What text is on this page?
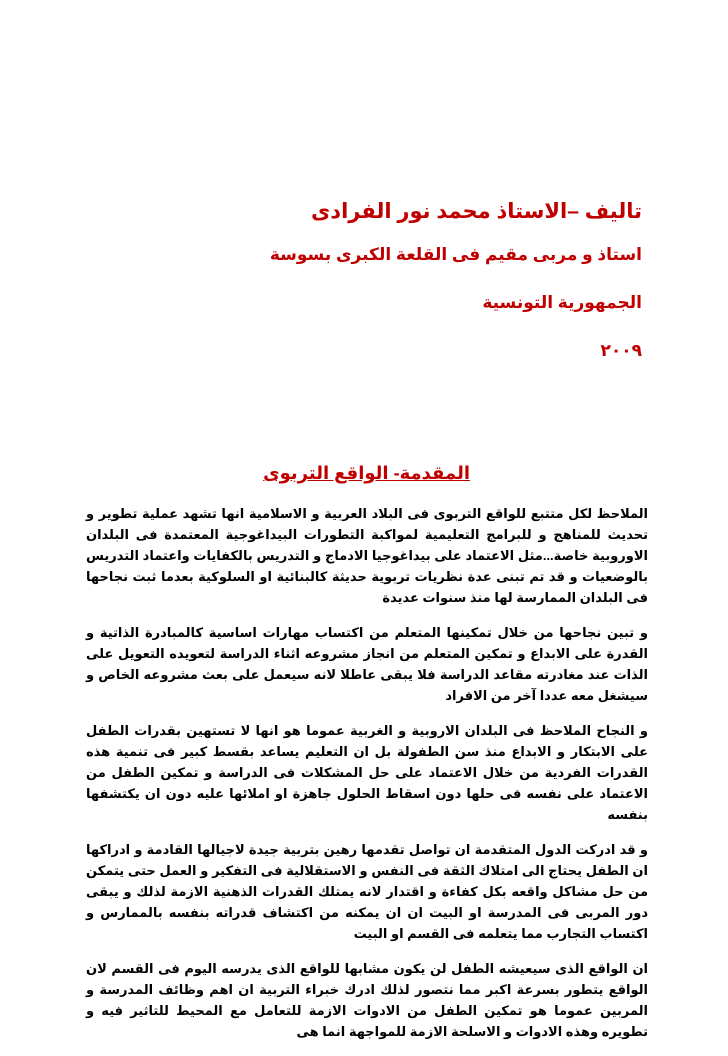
تاليف –الاستاذ محمد نور الفرادى

استاذ و مربى مقيم فى القلعة الكبرى بسوسة

الجمهورية التونسية

٢٠٠٩

المقدمة- الواقع التربوى

الملاحظ لكل متتبع للواقع التربوى فى البلاد العربية و الاسلامية انها تشهد عملية تطوير و تحديث للمناهج و للبرامج التعليمية لمواكبة التطورات البيداغوجية المعتمدة فى البلدان الاوروبية خاصة...مثل الاعتماد على بيداغوجيا الادماج و التدريس بالكفايات واعتماد التدريس بالوضعيات و قد تم تبنى عدة نظريات تربوية حديثة كالبنائية او السلوكية بعدما ثبت نجاحها فى البلدان الممارسة لها منذ سنوات عديدة

و تبين نجاحها من خلال تمكينها المتعلم من اكتساب مهارات اساسية كالمبادرة الذاتية و القدرة على الابداع و تمكين المتعلم من انجاز مشروعه اثناء الدراسة لتعويده التعويل على الذات عند مغادرته مقاعد الدراسة فلا يبقى عاطلا لانه سيعمل على بعث مشروعه الخاص و سيشغل معه عددا آخر من الافراد

و النجاح الملاحظ فى البلدان الاروبية و الغربية عموما هو انها لا تستهين بقدرات الطفل على الابتكار و الابداع منذ سن الطفولة بل ان التعليم يساعد بقسط كبير فى تنمية هذه القدرات الفردية من خلال الاعتماد على حل المشكلات فى الدراسة و تمكين الطفل من الاعتماد على نفسه فى حلها دون اسقاط الحلول جاهزة او املائها عليه دون ان يكتشفها بنفسه

و قد ادركت الدول المتقدمة ان تواصل تقدمها رهين بتربية جيدة لاجيالها القادمة و ادراكها ان الطفل يحتاج الى امتلاك الثقة فى النفس و الاستقلالية فى التفكير و العمل حتى يتمكن من حل مشاكل واقعه بكل كفاءة و اقتدار لانه يمتلك القدرات الذهنية الازمة لذلك و يبقى دور المربى فى المدرسة او البيت ان ان يمكنه من اكتشاف قدراته بنفسه بالممارس و اكتساب التجارب مما يتعلمه فى القسم او البيت

ان الواقع الذى سيعيشه الطفل لن يكون مشابها للواقع الذى يدرسه اليوم فى القسم لان الواقع يتطور بسرعة اكبر مما نتصور لذلك ادرك خبراء التربية ان اهم وظائف المدرسة و المربين عموما هو تمكين الطفل من الادوات الازمة للتعامل مع المحيط للتاثير فيه و تطويره وهذه الادوات و الاسلحة الازمة للمواجهة انما هى
